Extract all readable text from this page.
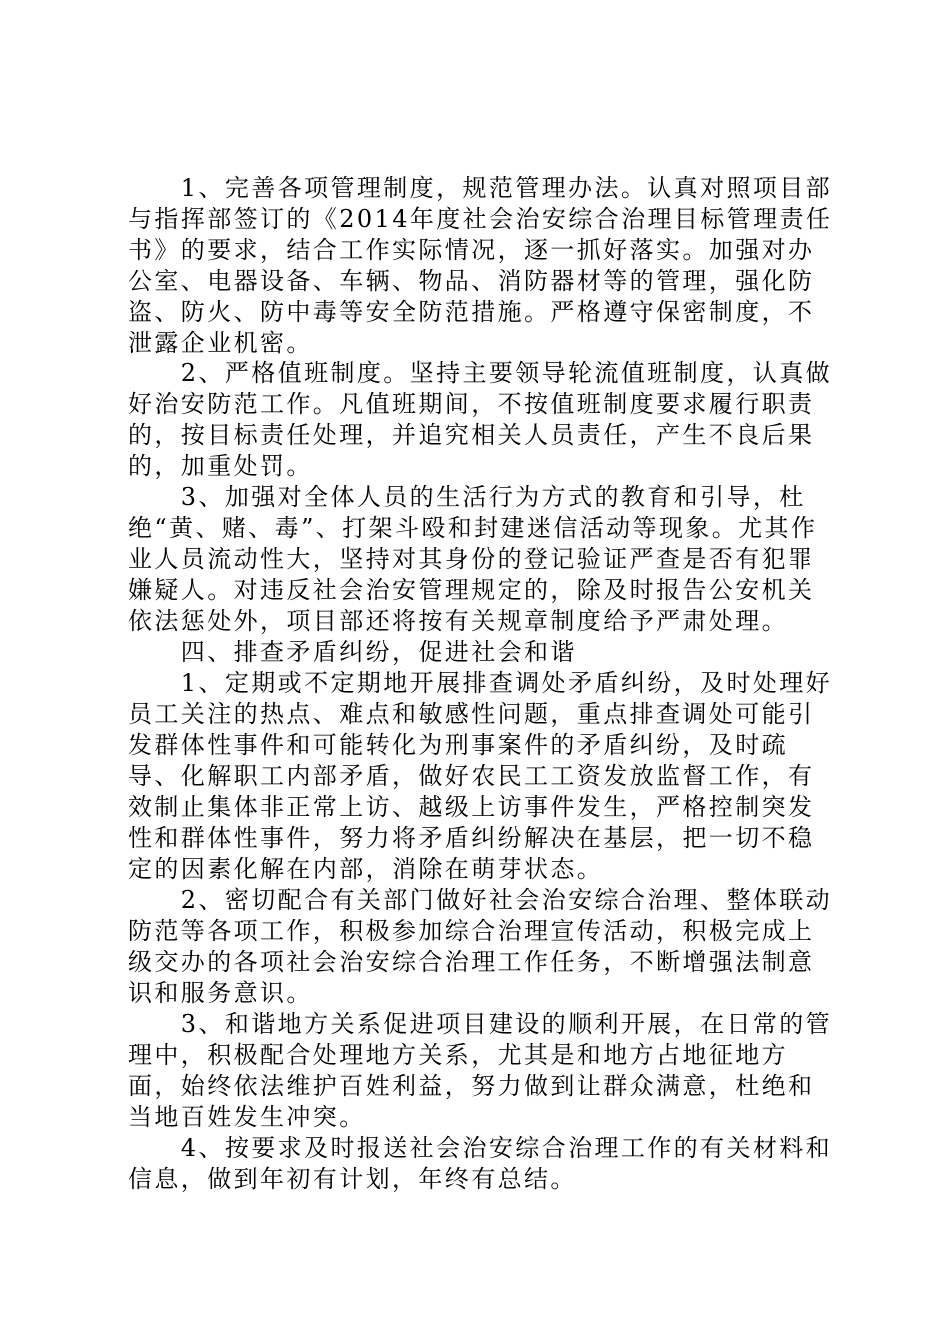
　　1、完善各项管理制度，规范管理办法。认真对照项目部与指挥部签订的《2014年度社会治安综合治理目标管理责任书》的要求，结合工作实际情况，逐一抓好落实。加强对办公室、电器设备、车辆、物品、消防器材等的管理，强化防盗、防火、防中毒等安全防范措施。严格遵守保密制度，不泄露企业机密。

　　2、严格值班制度。坚持主要领导轮流值班制度，认真做好治安防范工作。凡值班期间，不按值班制度要求履行职责的，按目标责任处理，并追究相关人员责任，产生不良后果的，加重处罚。

　　3、加强对全体人员的生活行为方式的教育和引导，杜绝“黄、赌、毒”、打架斗殴和封建迷信活动等现象。尤其作业人员流动性大，坚持对其身份的登记验证严查是否有犯罪嫌疑人。对违反社会治安管理规定的，除及时报告公安机关依法惩处外，项目部还将按有关规章制度给予严肃处理。

　　四、排查矛盾纠纷，促进社会和谐

　　1、定期或不定期地开展排查调处矛盾纠纷，及时处理好员工关注的热点、难点和敏感性问题，重点排查调处可能引发群体性事件和可能转化为刑事案件的矛盾纠纷，及时疏导、化解职工内部矛盾，做好农民工工资发放监督工作，有效制止集体非正常上访、越级上访事件发生，严格控制突发性和群体性事件，努力将矛盾纠纷解决在基层，把一切不稳定的因素化解在内部，消除在萌芽状态。

　　2、密切配合有关部门做好社会治安综合治理、整体联动防范等各项工作，积极参加综合治理宣传活动，积极完成上级交办的各项社会治安综合治理工作任务，不断增强法制意识和服务意识。

　　3、和谐地方关系促进项目建设的顺利开展，在日常的管理中，积极配合处理地方关系，尤其是和地方占地征地方面，始终依法维护百姓利益，努力做到让群众满意，杜绝和当地百姓发生冲突。

　　4、按要求及时报送社会治安综合治理工作的有关材料和信息，做到年初有计划，年终有总结。
